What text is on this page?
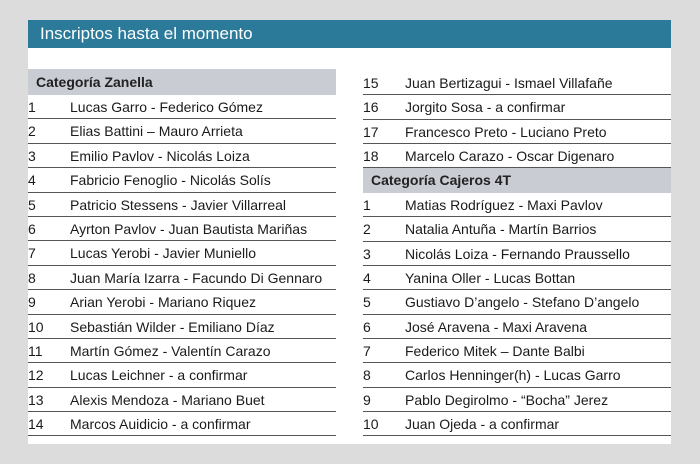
Inscriptos hasta el momento
Categoría Zanella
1	Lucas Garro - Federico Gómez
2	Elias Battini – Mauro Arrieta
3	Emilio Pavlov - Nicolás Loiza
4	Fabricio Fenoglio - Nicolás Solís
5	Patricio Stessens - Javier Villarreal
6	Ayrton Pavlov - Juan Bautista Mariñas
7	Lucas Yerobi - Javier Muniello
8	Juan María Izarra - Facundo Di Gennaro
9	Arian Yerobi - Mariano Riquez
10	Sebastián Wilder - Emiliano Díaz
11	Martín Gómez - Valentín Carazo
12	Lucas Leichner - a confirmar
13	Alexis Mendoza - Mariano Buet
14	Marcos Auidicio - a confirmar
15	Juan Bertizagui - Ismael Villafañe
16	Jorgito Sosa - a confirmar
17	Francesco Preto - Luciano Preto
18	Marcelo Carazo - Oscar Digenaro
Categoría Cajeros 4T
1	Matias Rodríguez - Maxi Pavlov
2	Natalia Antuña - Martín Barrios
3	Nicolás Loiza - Fernando Praussello
4	Yanina Oller - Lucas Bottan
5	Gustiavo D’angelo - Stefano D’angelo
6	José Aravena - Maxi Aravena
7	Federico Mitek – Dante Balbi
8	Carlos Henninger(h) - Lucas Garro
9	Pablo Degirolmo - “Bocha” Jerez
10	Juan Ojeda - a confirmar
